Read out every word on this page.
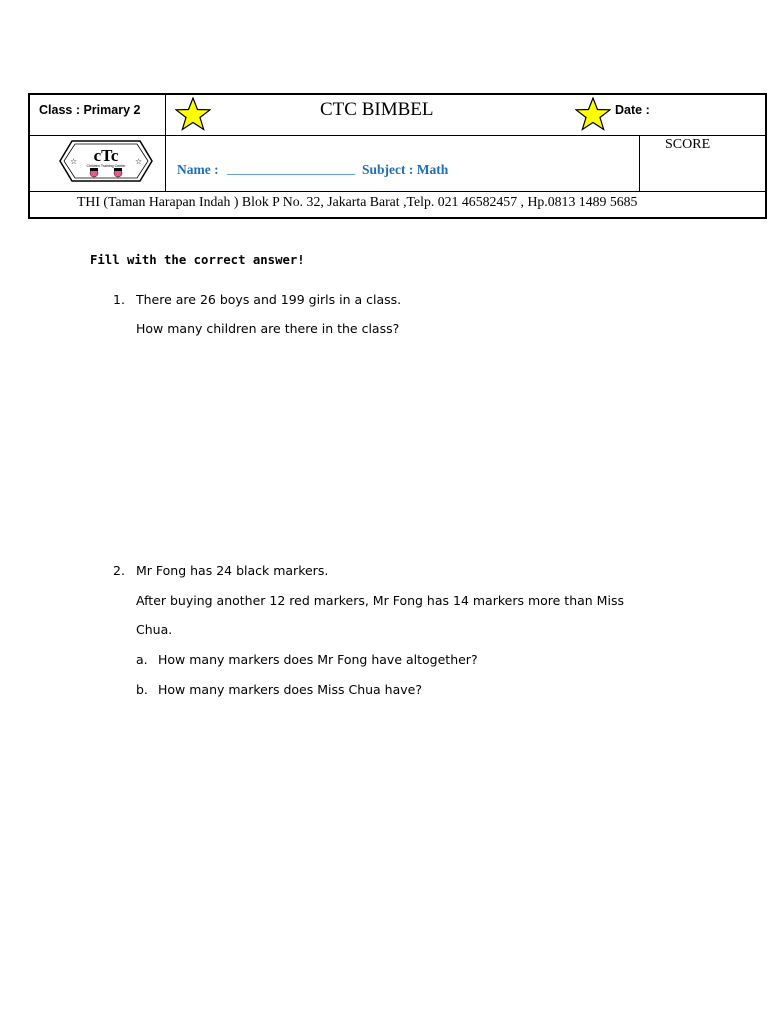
Class : Primary 2	CTC BIMBEL	Date :
cTc
Children Training Center
☆	☆
Name : ___________________ Subject : Math
SCORE
THI (Taman Harapan Indah ) Blok P No. 32, Jakarta Barat ,Telp. 021 46582457 , Hp.0813 1489 5685
Fill with the correct answer!
1. There are 26 boys and 199 girls in a class.
How many children are there in the class?
2. Mr Fong has 24 black markers.
After buying another 12 red markers, Mr Fong has 14 markers more than Miss
Chua.
a. How many markers does Mr Fong have altogether?
b. How many markers does Miss Chua have?
